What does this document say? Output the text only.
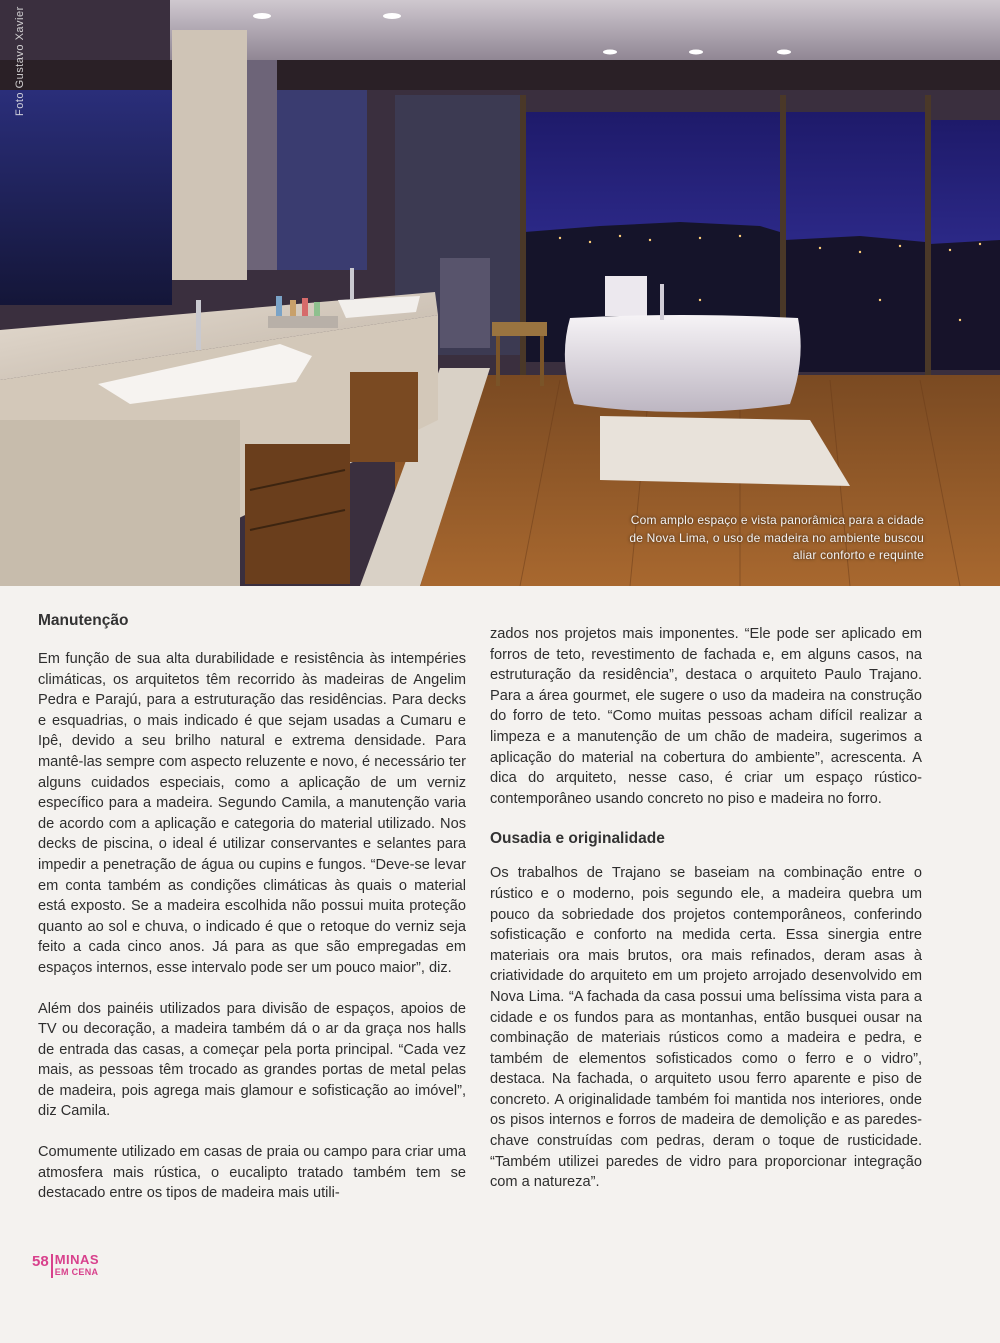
Foto Gustavo Xavier
Com amplo espaço e vista panorâmica para a cidade de Nova Lima, o uso de madeira no ambiente buscou aliar conforto e requinte
Manutenção

Em função de sua alta durabilidade e resistência às intempéries climáticas, os arquitetos têm recorrido às madeiras de Angelim Pedra e Parajú, para a estruturação das residências. Para decks e esquadrias, o mais indicado é que sejam usadas a Cumaru e Ipê, devido a seu brilho natural e extrema densidade. Para mantê-las sempre com aspecto reluzente e novo, é necessário ter alguns cuidados especiais, como a aplicação de um verniz específico para a madeira. Segundo Camila, a manutenção varia de acordo com a aplicação e categoria do material utilizado. Nos decks de piscina, o ideal é utilizar conservantes e selantes para impedir a penetração de água ou cupins e fungos. “Deve-se levar em conta também as condições climáticas às quais o material está exposto. Se a madeira escolhida não possui muita proteção quanto ao sol e chuva, o indicado é que o retoque do verniz seja feito a cada cinco anos. Já para as que são empregadas em espaços internos, esse intervalo pode ser um pouco maior”, diz.

Além dos painéis utilizados para divisão de espaços, apoios de TV ou decoração, a madeira também dá o ar da graça nos halls de entrada das casas, a começar pela porta principal. “Cada vez mais, as pessoas têm trocado as grandes portas de metal pelas de madeira, pois agrega mais glamour e sofisticação ao imóvel”, diz Camila.

Comumente utilizado em casas de praia ou campo para criar uma atmosfera mais rústica, o eucalipto tratado também tem se destacado entre os tipos de madeira mais utili-

zados nos projetos mais imponentes. “Ele pode ser aplicado em forros de teto, revestimento de fachada e, em alguns casos, na estruturação da residência”, destaca o arquiteto Paulo Trajano. Para a área gourmet, ele sugere o uso da madeira na construção do forro de teto. “Como muitas pessoas acham difícil realizar a limpeza e a manutenção de um chão de madeira, sugerimos a aplicação do material na cobertura do ambiente”, acrescenta. A dica do arquiteto, nesse caso, é criar um espaço rústico-contemporâneo usando concreto no piso e madeira no forro.

Ousadia e originalidade

Os trabalhos de Trajano se baseiam na combinação entre o rústico e o moderno, pois segundo ele, a madeira quebra um pouco da sobriedade dos projetos contemporâneos, conferindo sofisticação e conforto na medida certa. Essa sinergia entre materiais ora mais brutos, ora mais refinados, deram asas à criatividade do arquiteto em um projeto arrojado desenvolvido em Nova Lima. “A fachada da casa possui uma belíssima vista para a cidade e os fundos para as montanhas, então busquei ousar na combinação de materiais rústicos como a madeira e pedra, e também de elementos sofisticados como o ferro e o vidro”, destaca. Na fachada, o arquiteto usou ferro aparente e piso de concreto. A originalidade também foi mantida nos interiores, onde os pisos internos e forros de madeira de demolição e as paredes-chave construídas com pedras, deram o toque de rusticidade. “Também utilizei paredes de vidro para proporcionar integração com a natureza”.

58 MINAS
EM CENA
